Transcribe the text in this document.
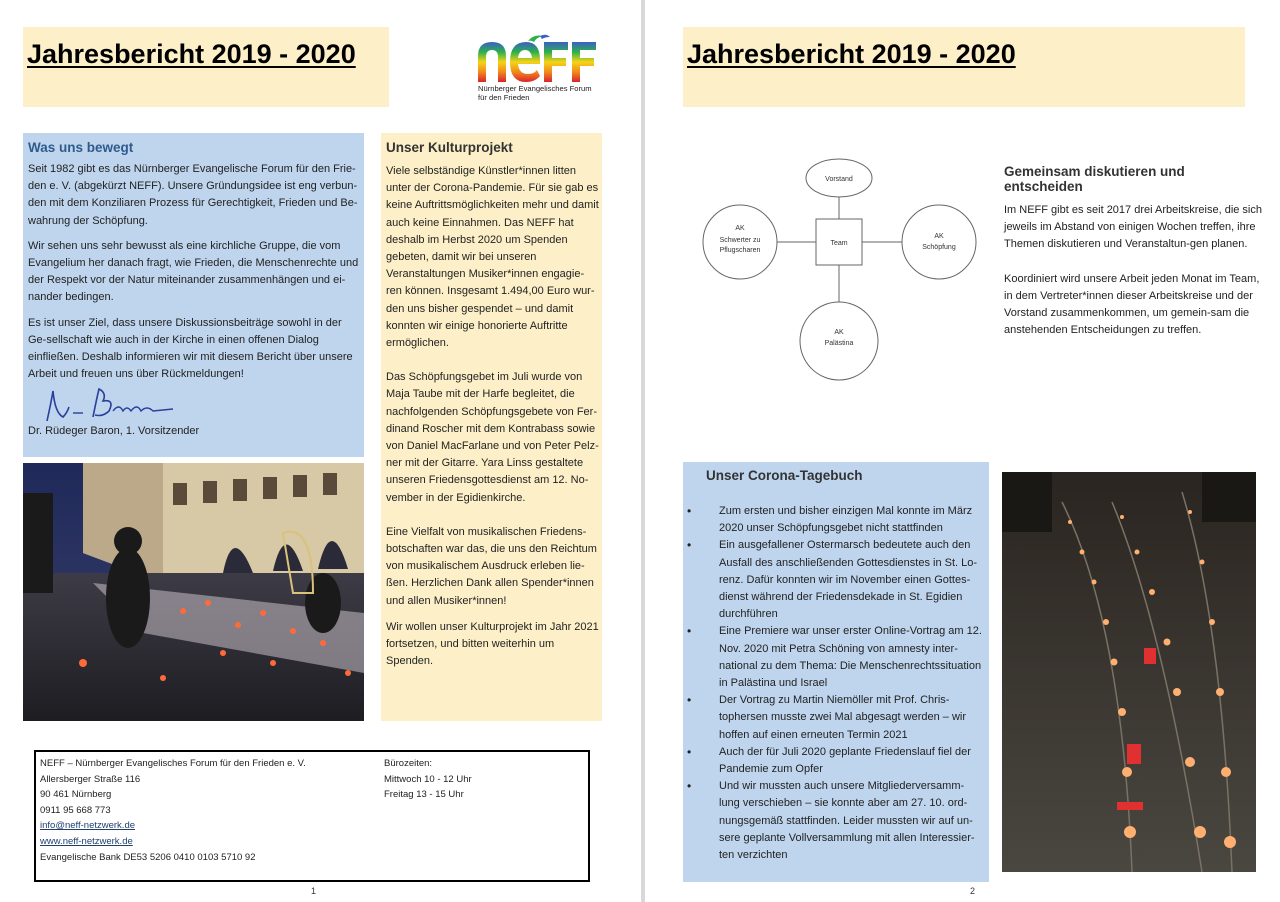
Jahresbericht 2019 - 2020
Nürnberger Evangelisches Forum
für den Frieden
Was uns bewegt

Seit 1982 gibt es das Nürnberger Evangelische Forum für den Frie-den e. V. (abgekürzt NEFF). Unsere Gründungsidee ist eng verbun-den mit dem Konziliaren Prozess für Gerechtigkeit, Frieden und Be-wahrung der Schöpfung.

Wir sehen uns sehr bewusst als eine kirchliche Gruppe, die vom Evangelium her danach fragt, wie Frieden, die Menschenrechte und der Respekt vor der Natur miteinander zusammenhängen und ei-nander bedingen.

Es ist unser Ziel, dass unsere Diskussionsbeiträge sowohl in der Ge-sellschaft wie auch in der Kirche in einen offenen Dialog einfließen. Deshalb informieren wir mit diesem Bericht über unsere Arbeit und freuen uns über Rückmeldungen!

Dr. Rüdeger Baron, 1. Vorsitzender
Unser Kulturprojekt

Viele selbständige Künstler*innen litten unter der Corona-Pandemie. Für sie gab es keine Auftrittsmöglichkeiten mehr und damit auch keine Einnahmen. Das NEFF hat deshalb im Herbst 2020 um Spenden gebeten, damit wir bei unseren Veranstaltungen Musiker*innen engagie-ren können. Insgesamt 1.494,00 Euro wur-den uns bisher gespendet – und damit konnten wir einige honorierte Auftritte ermöglichen.

Das Schöpfungsgebet im Juli wurde von Maja Taube mit der Harfe begleitet, die nachfolgenden Schöpfungsgebete von Fer-dinand Roscher mit dem Kontrabass sowie von Daniel MacFarlane und von Peter Pelz-ner mit der Gitarre. Yara Linss gestaltete unseren Friedensgottesdienst am 12. No-vember in der Egidienkirche.

Eine Vielfalt von musikalischen Friedens-botschaften war das, die uns den Reichtum von musikalischem Ausdruck erleben lie-ßen. Herzlichen Dank allen Spender*innen und allen Musiker*innen!

Wir wollen unser Kulturprojekt im Jahr 2021 fortsetzen, und bitten weiterhin um Spenden.

NEFF – Nürnberger Evangelisches Forum für den Frieden e. V.
Allersberger Straße 116
90 461 Nürnberg
0911 95 668 773
info@neff-netzwerk.de
www.neff-netzwerk.de
Evangelische Bank DE53 5206 0410 0103 5710 92
Bürozeiten:
Mittwoch 10 - 12 Uhr
Freitag 13 - 15 Uhr
1
Jahresbericht 2019 - 2020
Vorstand
Team
AK
Schwerter zu
Pflugscharen
AK
Schöpfung
AK
Palästina
Gemeinsam diskutieren und entscheiden

Im NEFF gibt es seit 2017 drei Arbeitskreise, die sich jeweils im Abstand von einigen Wochen treffen, ihre Themen diskutieren und Veranstaltun-gen planen.

Koordiniert wird unsere Arbeit jeden Monat im Team, in dem Vertreter*innen dieser Arbeitskreise und der Vorstand zusammenkommen, um gemein-sam die anstehenden Entscheidungen zu treffen.

Unser Corona-Tagebuch
• Zum ersten und bisher einzigen Mal konnte im März 2020 unser Schöpfungsgebet nicht stattfinden
• Ein ausgefallener Ostermarsch bedeutete auch den Ausfall des anschließenden Gottesdienstes in St. Lo-renz. Dafür konnten wir im November einen Gottes-dienst während der Friedensdekade in St. Egidien durchführen
• Eine Premiere war unser erster Online-Vortrag am 12. Nov. 2020 mit Petra Schöning von amnesty inter-national zu dem Thema: Die Menschenrechtssituation in Palästina und Israel
• Der Vortrag zu Martin Niemöller mit Prof. Chris-tophersen musste zwei Mal abgesagt werden – wir hoffen auf einen erneuten Termin 2021
• Auch der für Juli 2020 geplante Friedenslauf fiel der Pandemie zum Opfer
• Und wir mussten auch unsere Mitgliederversamm-lung verschieben – sie konnte aber am 27. 10. ord-nungsgemäß stattfinden. Leider mussten wir auf un-sere geplante Vollversammlung mit allen Interessier-ten verzichten
2
